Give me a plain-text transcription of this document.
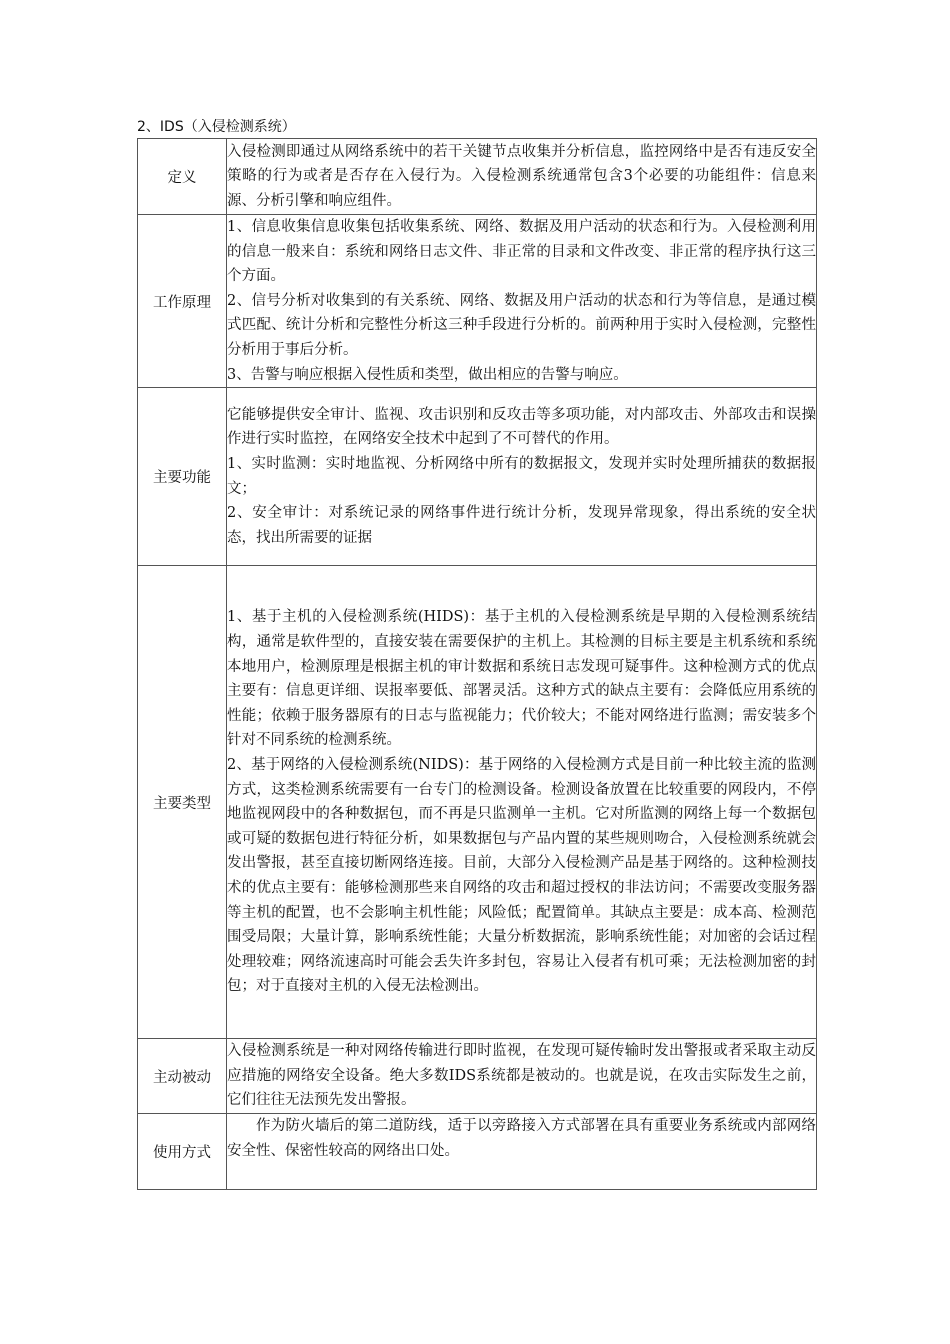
2、IDS（入侵检测系统）
定义	入侵检测即通过从网络系统中的若干关键节点收集并分析信息，监控网络中是否有违反安全策略的行为或者是否存在入侵行为。入侵检测系统通常包含3个必要的功能组件：信息来源、分析引擎和响应组件。

工作原理	1、信息收集信息收集包括收集系统、网络、数据及用户活动的状态和行为。入侵检测利用的信息一般来自：系统和网络日志文件、非正常的目录和文件改变、非正常的程序执行这三个方面。

2、信号分析对收集到的有关系统、网络、数据及用户活动的状态和行为等信息，是通过模式匹配、统计分析和完整性分析这三种手段进行分析的。前两种用于实时入侵检测，完整性分析用于事后分析。

3、告警与响应根据入侵性质和类型，做出相应的告警与响应。

主要功能	它能够提供安全审计、监视、攻击识别和反攻击等多项功能，对内部攻击、外部攻击和误操作进行实时监控，在网络安全技术中起到了不可替代的作用。

1、实时监测：实时地监视、分析网络中所有的数据报文，发现并实时处理所捕获的数据报文；

2、安全审计：对系统记录的网络事件进行统计分析，发现异常现象，得出系统的安全状态，找出所需要的证据

主要类型	1、基于主机的入侵检测系统(HIDS)：基于主机的入侵检测系统是早期的入侵检测系统结构，通常是软件型的，直接安装在需要保护的主机上。其检测的目标主要是主机系统和系统本地用户，检测原理是根据主机的审计数据和系统日志发现可疑事件。这种检测方式的优点主要有：信息更详细、误报率要低、部署灵活。这种方式的缺点主要有：会降低应用系统的性能；依赖于服务器原有的日志与监视能力；代价较大；不能对网络进行监测；需安装多个针对不同系统的检测系统。

2、基于网络的入侵检测系统(NIDS)：基于网络的入侵检测方式是目前一种比较主流的监测方式，这类检测系统需要有一台专门的检测设备。检测设备放置在比较重要的网段内，不停地监视网段中的各种数据包，而不再是只监测单一主机。它对所监测的网络上每一个数据包或可疑的数据包进行特征分析，如果数据包与产品内置的某些规则吻合，入侵检测系统就会发出警报，甚至直接切断网络连接。目前，大部分入侵检测产品是基于网络的。这种检测技术的优点主要有：能够检测那些来自网络的攻击和超过授权的非法访问；不需要改变服务器等主机的配置，也不会影响主机性能；风险低；配置简单。其缺点主要是：成本高、检测范围受局限；大量计算，影响系统性能；大量分析数据流，影响系统性能；对加密的会话过程处理较难；网络流速高时可能会丢失许多封包，容易让入侵者有机可乘；无法检测加密的封包；对于直接对主机的入侵无法检测出。

主动被动	入侵检测系统是一种对网络传输进行即时监视，在发现可疑传输时发出警报或者采取主动反应措施的网络安全设备。绝大多数IDS系统都是被动的。也就是说，在攻击实际发生之前，它们往往无法预先发出警报。

使用方式	作为防火墙后的第二道防线，适于以旁路接入方式部署在具有重要业务系统或内部网络安全性、保密性较高的网络出口处。
